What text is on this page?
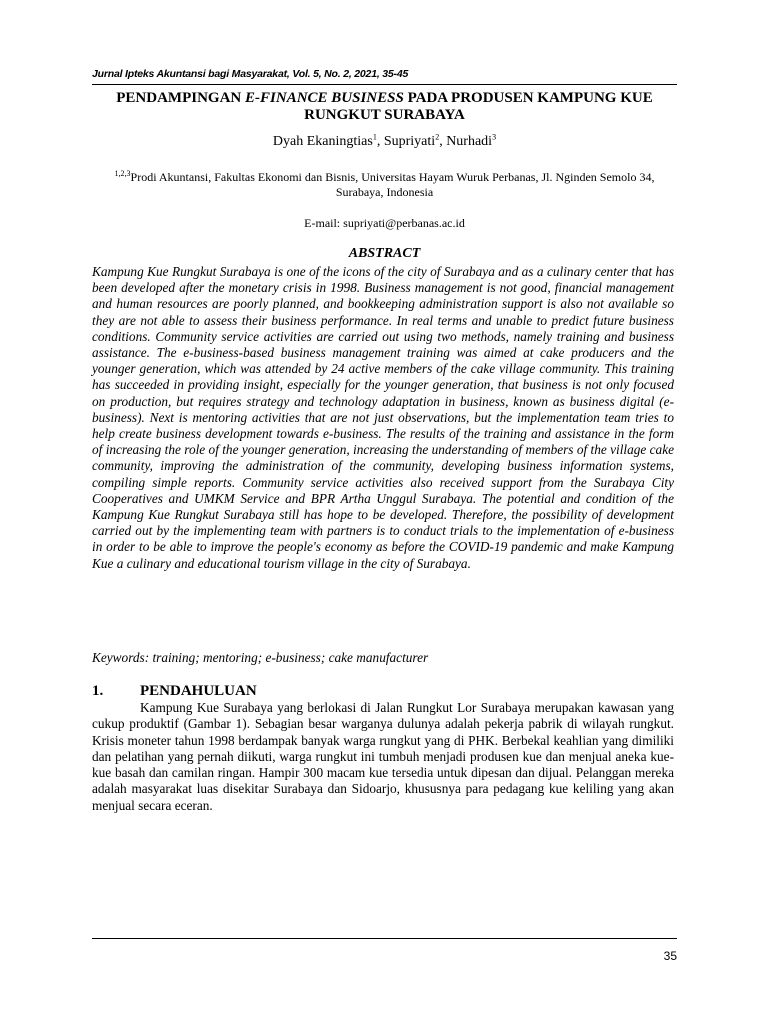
Jurnal Ipteks Akuntansi bagi Masyarakat, Vol. 5, No. 2, 2021, 35-45
PENDAMPINGAN E-FINANCE BUSINESS PADA PRODUSEN KAMPUNG KUE RUNGKUT SURABAYA
Dyah Ekaningtias$^1$, Supriyati$^2$, Nurhadi$^3$
$^{1,2,3}$Prodi Akuntansi, Fakultas Ekonomi dan Bisnis, Universitas Hayam Wuruk Perbanas, Jl. Nginden Semolo 34, Surabaya, Indonesia
E-mail: supriyati@perbanas.ac.id
ABSTRACT

Kampung Kue Rungkut Surabaya is one of the icons of the city of Surabaya and as a culinary center that has been developed after the monetary crisis in 1998. Business management is not good, financial management and human resources are poorly planned, and bookkeeping administration support is also not available so they are not able to assess their business performance. In real terms and unable to predict future business conditions. Community service activities are carried out using two methods, namely training and business assistance. The e-business-based business management training was aimed at cake producers and the younger generation, which was attended by 24 active members of the cake village community. This training has succeeded in providing insight, especially for the younger generation, that business is not only focused on production, but requires strategy and technology adaptation in business, known as business digital (e-business). Next is mentoring activities that are not just observations, but the implementation team tries to help create business development towards e-business. The results of the training and assistance in the form of increasing the role of the younger generation, increasing the understanding of members of the village cake community, improving the administration of the community, developing business information systems, compiling simple reports. Community service activities also received support from the Surabaya City Cooperatives and UMKM Service and BPR Artha Unggul Surabaya. The potential and condition of the Kampung Kue Rungkut Surabaya still has hope to be developed. Therefore, the possibility of development carried out by the implementing team with partners is to conduct trials to the implementation of e-business in order to be able to improve the people's economy as before the COVID-19 pandemic and make Kampung Kue a culinary and educational tourism village in the city of Surabaya.

Keywords: training; mentoring; e-business; cake manufacturer
1. PENDAHULUAN

Kampung Kue Surabaya yang berlokasi di Jalan Rungkut Lor Surabaya merupakan kawasan yang cukup produktif (Gambar 1). Sebagian besar warganya dulunya adalah pekerja pabrik di wilayah rungkut. Krisis moneter tahun 1998 berdampak banyak warga rungkut yang di PHK. Berbekal keahlian yang dimiliki dan pelatihan yang pernah diikuti, warga rungkut ini tumbuh menjadi produsen kue dan menjual aneka kue-kue basah dan camilan ringan. Hampir 300 macam kue tersedia untuk dipesan dan dijual. Pelanggan mereka adalah masyarakat luas disekitar Surabaya dan Sidoarjo, khususnya para pedagang kue keliling yang akan menjual secara eceran.

35
